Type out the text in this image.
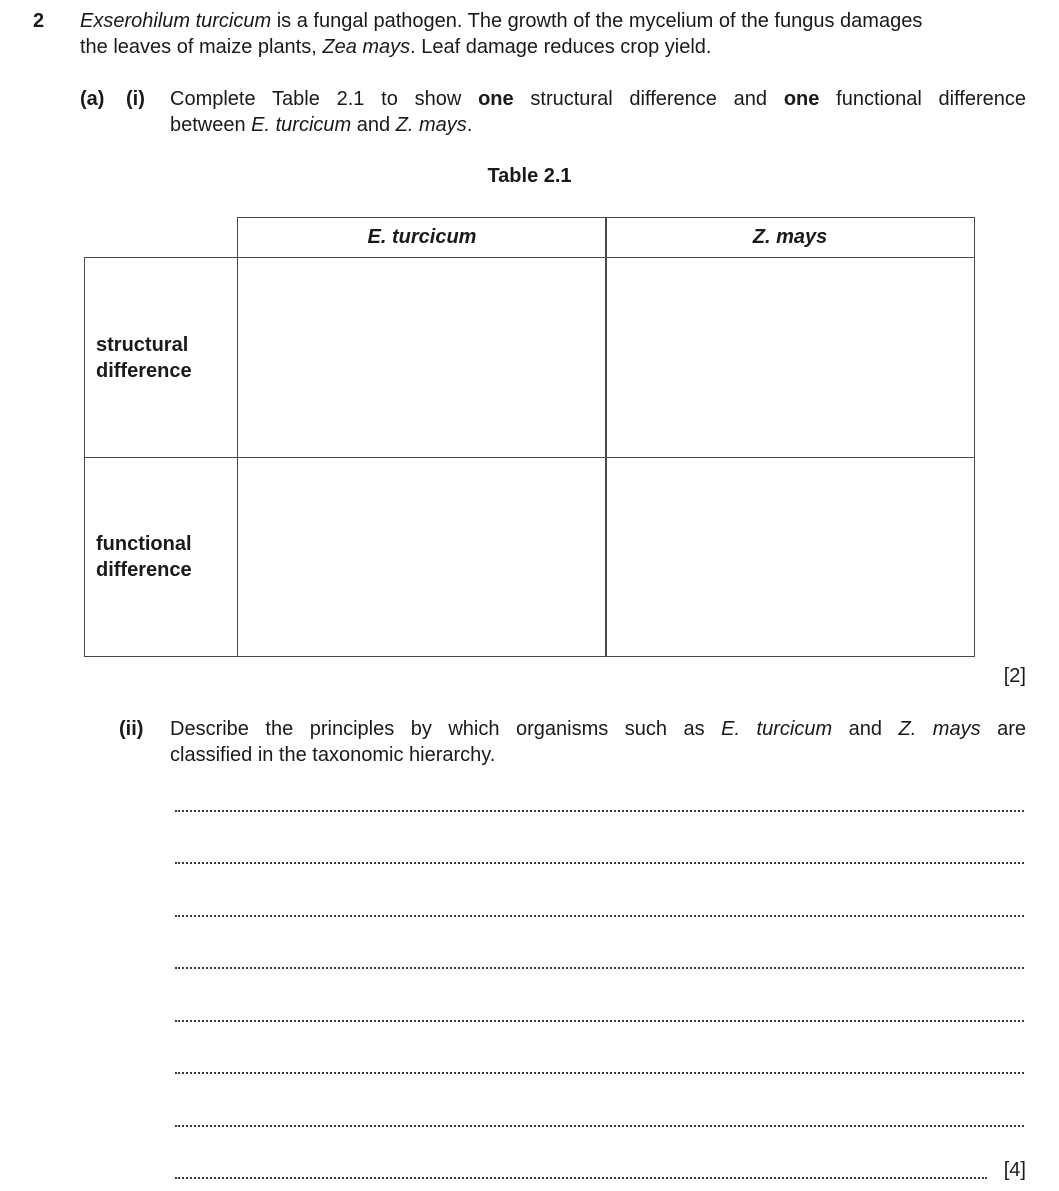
2 Exserohilum turcicum is a fungal pathogen. The growth of the mycelium of the fungus damages
the leaves of maize plants, Zea mays. Leaf damage reduces crop yield.
(a) (i) Complete Table 2.1 to show one structural difference and one functional difference
between E. turcicum and Z. mays.
Table 2.1
E. turcicum	Z. mays
structural
difference
functional
difference
[2]
(ii) Describe the principles by which organisms such as E. turcicum and Z. mays are
classified in the taxonomic hierarchy.
[4]
